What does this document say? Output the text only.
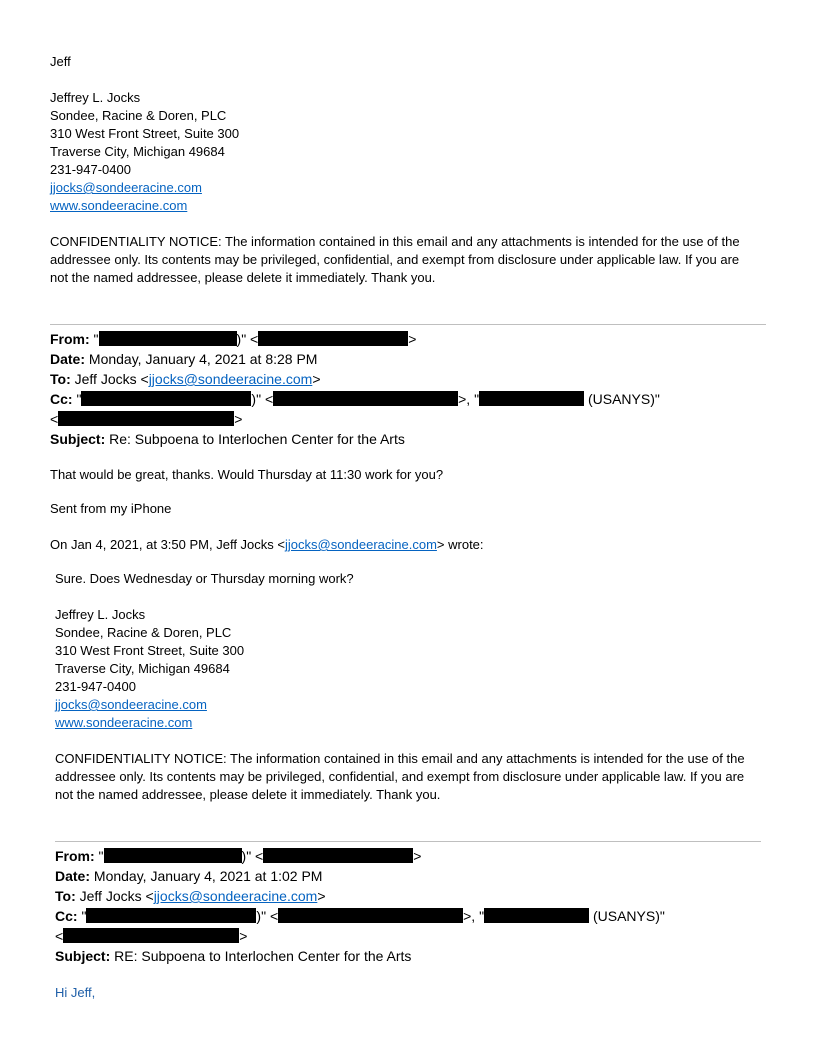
Jeff
Jeffrey L. Jocks
Sondee, Racine & Doren, PLC
310 West Front Street, Suite 300
Traverse City, Michigan 49684
231-947-0400
jjocks@sondeeracine.com
www.sondeeracine.com
CONFIDENTIALITY NOTICE: The information contained in this email and any attachments is intended for the use of the addressee only. Its contents may be privileged, confidential, and exempt from disclosure under applicable law. If you are not the named addressee, please delete it immediately. Thank you.
From: "	)" <	>
Date: Monday, January 4, 2021 at 8:28 PM
To: Jeff Jocks <jjocks@sondeeracine.com>
Cc: "	)" <	>, "	(USANYS)"
<	>
Subject: Re: Subpoena to Interlochen Center for the Arts
That would be great, thanks. Would Thursday at 11:30 work for you?
Sent from my iPhone
On Jan 4, 2021, at 3:50 PM, Jeff Jocks <jjocks@sondeeracine.com> wrote:
Sure. Does Wednesday or Thursday morning work?
Jeffrey L. Jocks
Sondee, Racine & Doren, PLC
310 West Front Street, Suite 300
Traverse City, Michigan 49684
231-947-0400
jjocks@sondeeracine.com
www.sondeeracine.com
CONFIDENTIALITY NOTICE: The information contained in this email and any attachments is intended for the use of the addressee only. Its contents may be privileged, confidential, and exempt from disclosure under applicable law. If you are not the named addressee, please delete it immediately. Thank you.
From: "	)" <	>
Date: Monday, January 4, 2021 at 1:02 PM
To: Jeff Jocks <jjocks@sondeeracine.com>
Cc: "	)" <	>, "	(USANYS)"
<	>
Subject: RE: Subpoena to Interlochen Center for the Arts
Hi Jeff,
